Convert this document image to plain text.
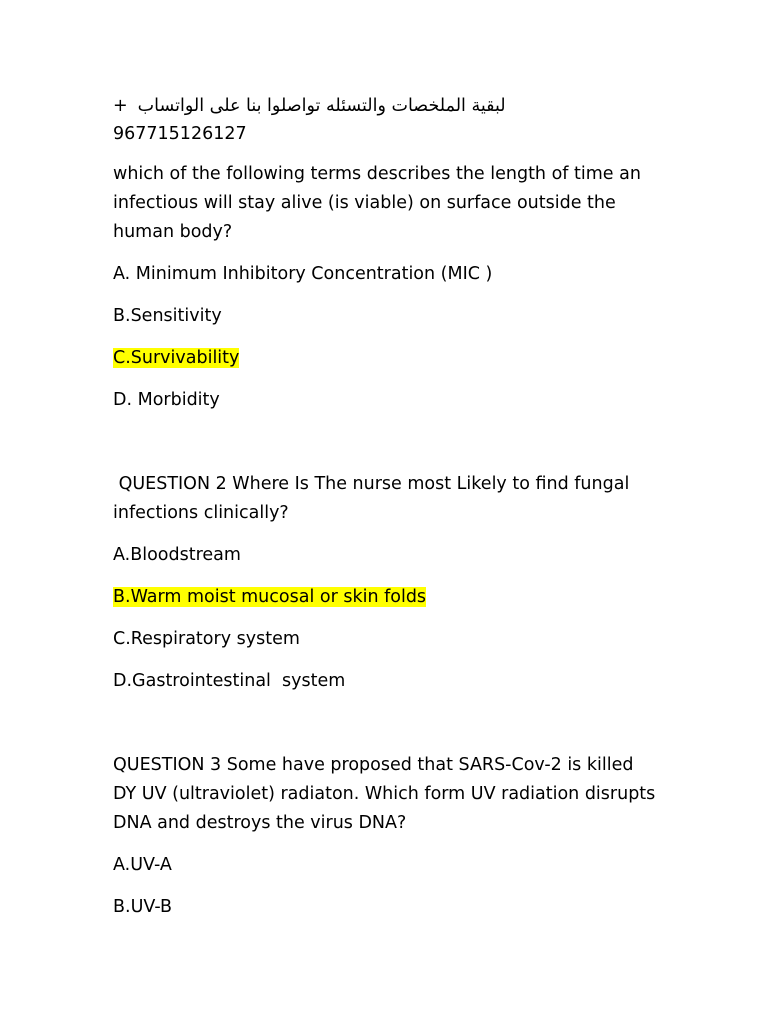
+ لبقية الملخصات والتسئله تواصلوا بنا على الواتساب
967715126127

which of the following terms describes the length of time an infectious will stay alive (is viable) on surface outside the human body?

A. Minimum Inhibitory Concentration (MIC )

B.Sensitivity

C.Survivability

D. Morbidity

QUESTION 2 Where Is The nurse most Likely to find fungal infections clinically?

A.Bloodstream

B.Warm moist mucosal or skin folds

C.Respiratory system

D.Gastrointestinal  system

QUESTION 3 Some have proposed that SARS-Cov-2 is killed DY UV (ultraviolet) radiaton. Which form UV radiation disrupts DNA and destroys the virus DNA?

A.UV-A

B.UV-B
